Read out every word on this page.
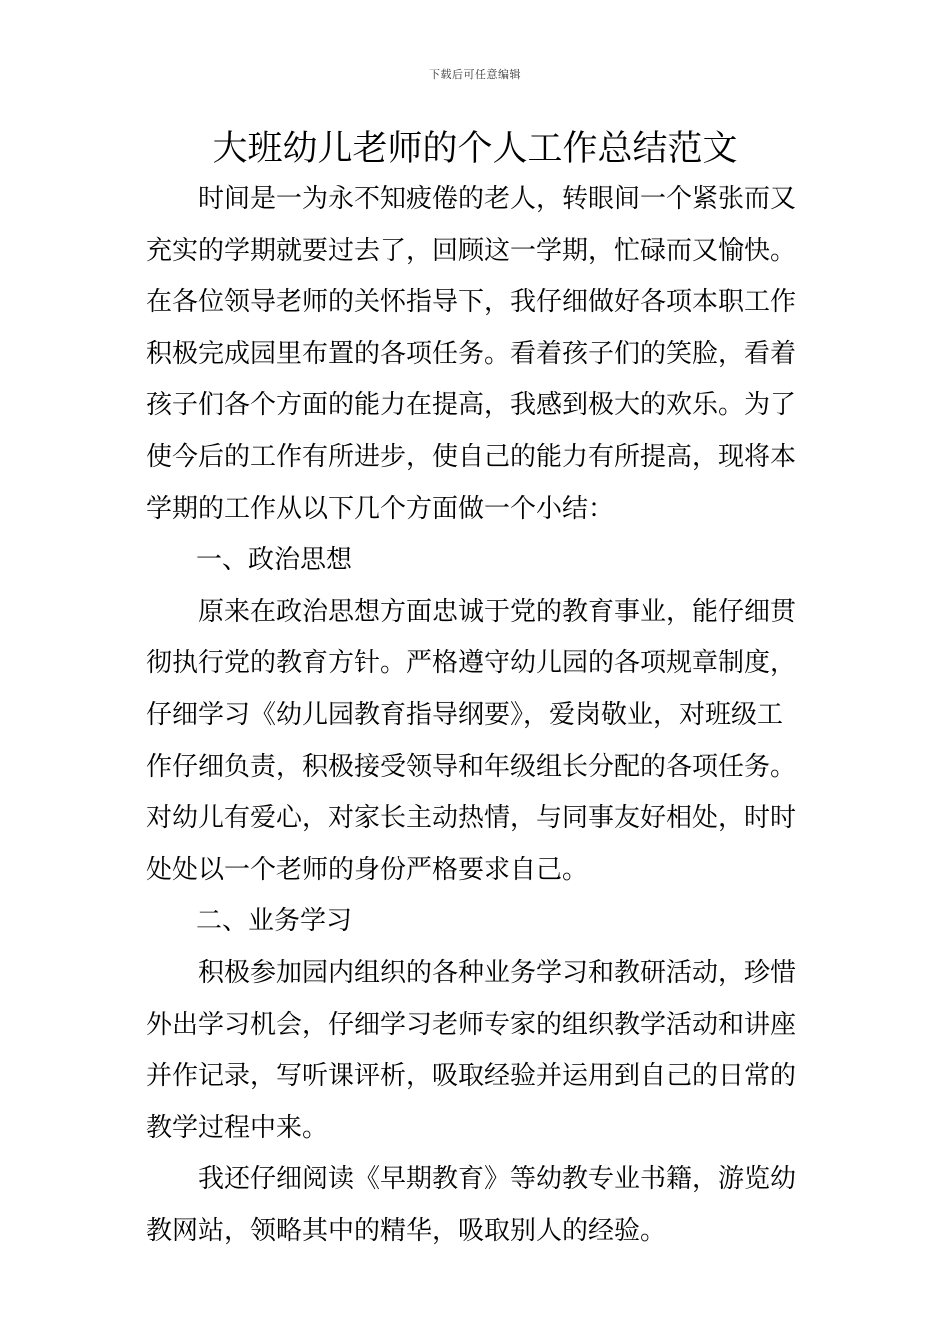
下载后可任意编辑
大班幼儿老师的个人工作总结范文

时间是一为永不知疲倦的老人，转眼间一个紧张而又
充实的学期就要过去了，回顾这一学期，忙碌而又愉快。
在各位领导老师的关怀指导下，我仔细做好各项本职工作
积极完成园里布置的各项任务。看着孩子们的笑脸，看着
孩子们各个方面的能力在提高，我感到极大的欢乐。为了
使今后的工作有所进步，使自己的能力有所提高，现将本
学期的工作从以下几个方面做一个小结：

一、政治思想

原来在政治思想方面忠诚于党的教育事业，能仔细贯
彻执行党的教育方针。严格遵守幼儿园的各项规章制度，
仔细学习《幼儿园教育指导纲要》，爱岗敬业，对班级工
作仔细负责，积极接受领导和年级组长分配的各项任务。
对幼儿有爱心，对家长主动热情，与同事友好相处，时时
处处以一个老师的身份严格要求自己。

二、业务学习

积极参加园内组织的各种业务学习和教研活动，珍惜
外出学习机会，仔细学习老师专家的组织教学活动和讲座
并作记录，写听课评析，吸取经验并运用到自己的日常的
教学过程中来。

我还仔细阅读《早期教育》等幼教专业书籍，游览幼
教网站，领略其中的精华，吸取别人的经验。
